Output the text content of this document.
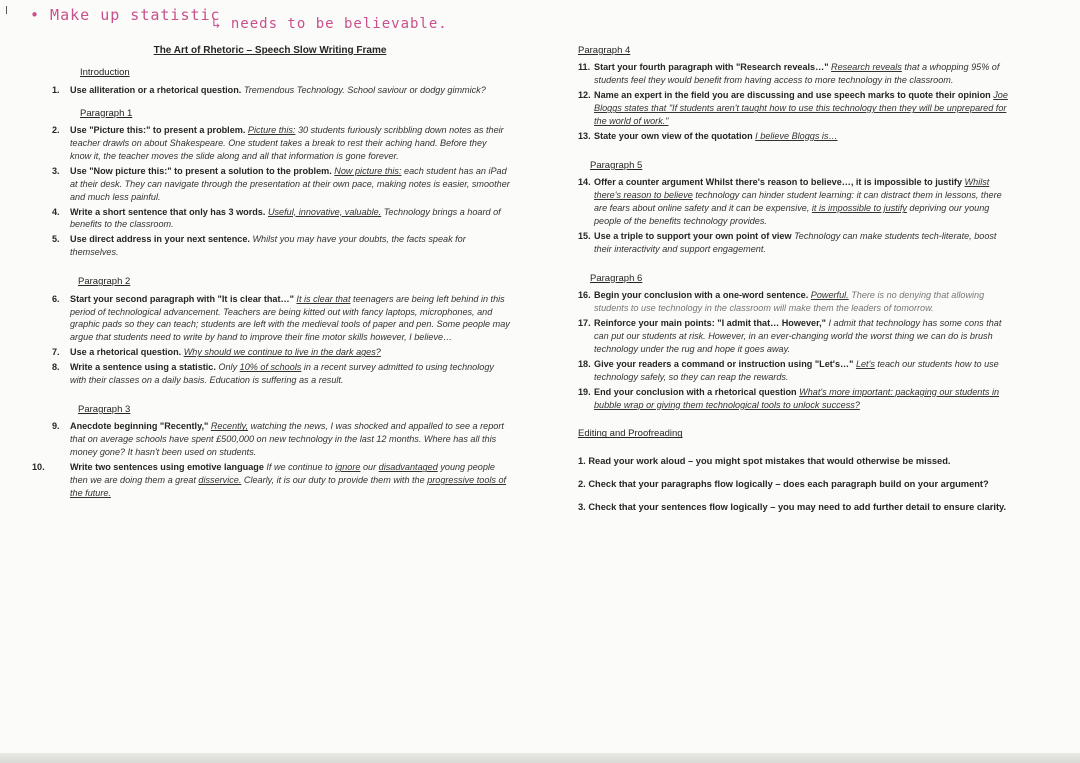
• Make up statistic
↳ needs to be believable.
The Art of Rhetoric – Speech Slow Writing Frame
Introduction
1. Use alliteration or a rhetorical question. Tremendous Technology. School saviour or dodgy gimmick?
Paragraph 1
2. Use "Picture this:" to present a problem. Picture this: 30 students furiously scribbling down notes as their teacher drawls on about Shakespeare. One student takes a break to rest their aching hand. Before they know it, the teacher moves the slide along and all that information is gone forever.
3. Use "Now picture this:" to present a solution to the problem. Now picture this: each student has an iPad at their desk. They can navigate through the presentation at their own pace, making notes is easier, smoother and much less painful.
4. Write a short sentence that only has 3 words. Useful, innovative, valuable. Technology brings a hoard of benefits to the classroom.
5. Use direct address in your next sentence. Whilst you may have your doubts, the facts speak for themselves.
Paragraph 2
6. Start your second paragraph with "It is clear that…" It is clear that teenagers are being left behind in this period of technological advancement. Teachers are being kitted out with fancy laptops, microphones, and graphic pads so they can teach; students are left with the medieval tools of paper and pen. Some people may argue that students need to write by hand to improve their fine motor skills however, I believe…
7. Use a rhetorical question. Why should we continue to live in the dark ages?
8. Write a sentence using a statistic. Only 10% of schools in a recent survey admitted to using technology with their classes on a daily basis. Education is suffering as a result.
Paragraph 3
9. Anecdote beginning "Recently," Recently, watching the news, I was shocked and appalled to see a report that on average schools have spent £500,000 on new technology in the last 12 months. Where has all this money gone? It hasn't been used on students.
10.	Write two sentences using emotive language If we continue to ignore our disadvantaged young people then we are doing them a great disservice. Clearly, it is our duty to provide them with the progressive tools of the future.
Paragraph 4
11. Start your fourth paragraph with "Research reveals…" Research reveals that a whopping 95% of students feel they would benefit from having access to more technology in the classroom.
12. Name an expert in the field you are discussing and use speech marks to quote their opinion Joe Bloggs states that "If students aren't taught how to use this technology then they will be unprepared for the world of work."
13. State your own view of the quotation I believe Bloggs is…
Paragraph 5
14. Offer a counter argument Whilst there's reason to believe…, it is impossible to justify Whilst there's reason to believe technology can hinder student learning: it can distract them in lessons, there are fears about online safety and it can be expensive, it is impossible to justify depriving our young people of the benefits technology provides.
15. Use a triple to support your own point of view Technology can make students tech-literate, boost their interactivity and support engagement.
Paragraph 6
16. Begin your conclusion with a one-word sentence. Powerful. There is no denying that allowing students to use technology in the classroom will make them the leaders of tomorrow.
17. Reinforce your main points: "I admit that… However," I admit that technology has some cons that can put our students at risk. However, in an ever-changing world the worst thing we can do is brush technology under the rug and hope it goes away.
18. Give your readers a command or instruction using "Let's…" Let's teach our students how to use technology safely, so they can reap the rewards.
19. End your conclusion with a rhetorical question What's more important: packaging our students in bubble wrap or giving them technological tools to unlock success?
Editing and Proofreading
1. Read your work aloud – you might spot mistakes that would otherwise be missed.
2. Check that your paragraphs flow logically – does each paragraph build on your argument?
3. Check that your sentences flow logically – you may need to add further detail to ensure clarity.
